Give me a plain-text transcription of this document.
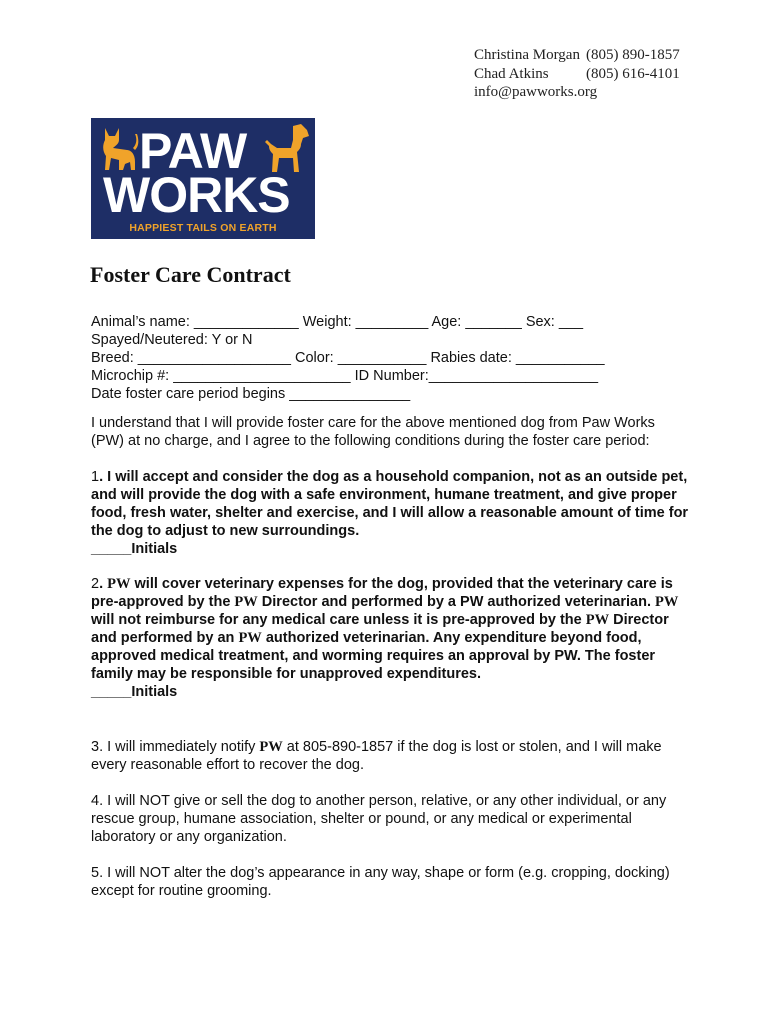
Christina Morgan (805) 890-1857
Chad Atkins (805) 616-4101
info@pawworks.org
PAW
WORKS
HAPPIEST TAILS ON EARTH
Foster Care Contract
Animal’s name: _____________ Weight: _________ Age: _______ Sex: ___
Spayed/Neutered: Y or N
Breed: ___________________ Color: ___________ Rabies date: ___________
Microchip #: ______________________ ID Number:_____________________
Date foster care period begins _______________
I understand that I will provide foster care for the above mentioned dog from Paw Works (PW) at no charge, and I agree to the following conditions during the foster care period:
1. I will accept and consider the dog as a household companion, not as an outside pet, and will provide the dog with a safe environment, humane treatment, and give proper food, fresh water, shelter and exercise, and I will allow a reasonable amount of time for the dog to adjust to new surroundings.
_____Initials
2. PW will cover veterinary expenses for the dog, provided that the veterinary care is pre-approved by the PW Director and performed by a PW authorized veterinarian. PW will not reimburse for any medical care unless it is pre-approved by the PW Director and performed by an PW authorized veterinarian. Any expenditure beyond food, approved medical treatment, and worming requires an approval by PW. The foster family may be responsible for unapproved expenditures.
_____Initials
3. I will immediately notify PW at 805-890-1857 if the dog is lost or stolen, and I will make every reasonable effort to recover the dog.
4. I will NOT give or sell the dog to another person, relative, or any other individual, or any rescue group, humane association, shelter or pound, or any medical or experimental laboratory or any organization.
5. I will NOT alter the dog’s appearance in any way, shape or form (e.g. cropping, docking) except for routine grooming.
